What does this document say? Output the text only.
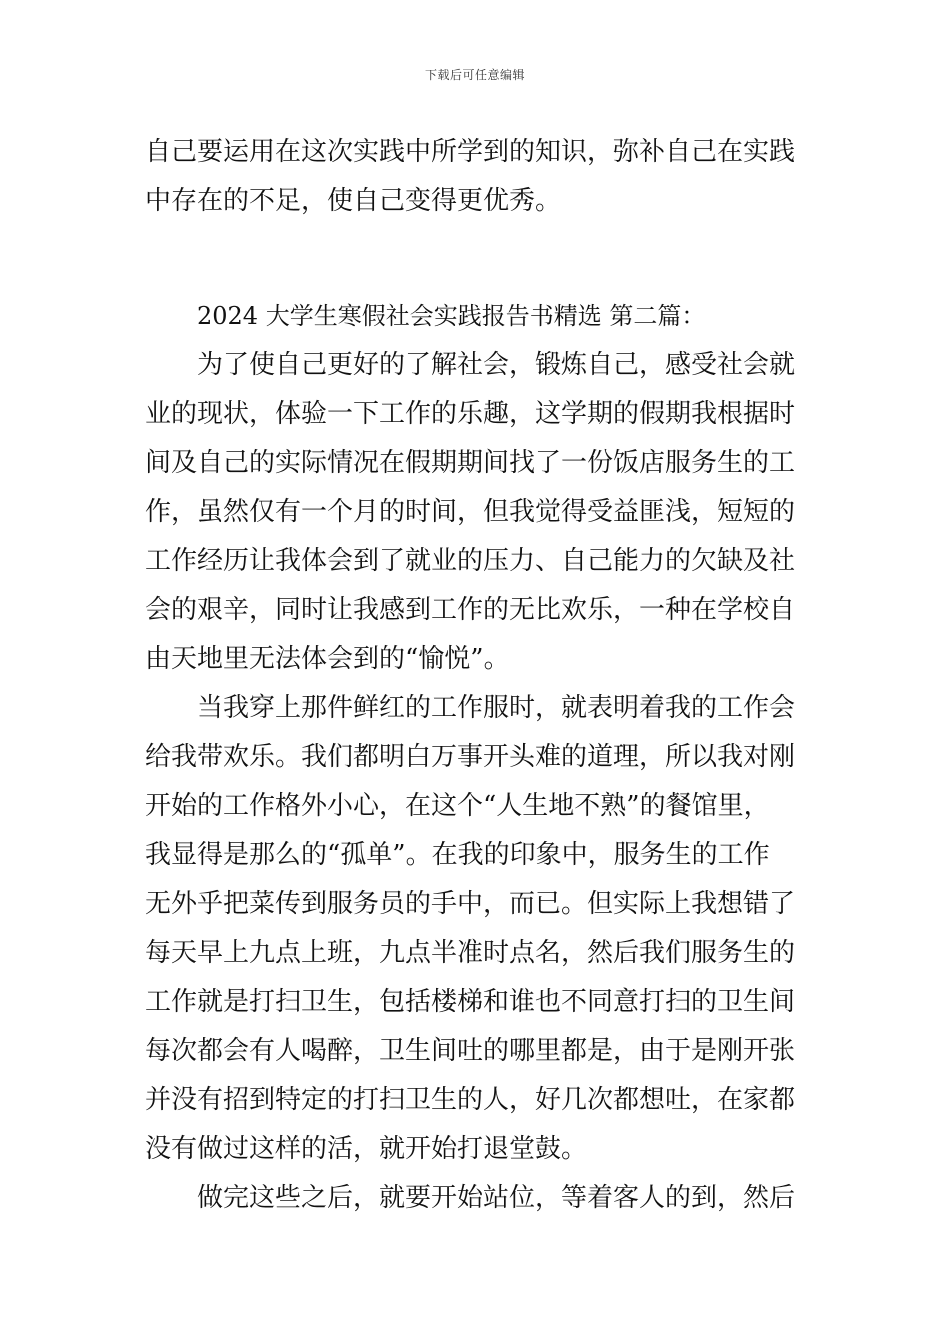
下载后可任意编辑
自己要运用在这次实践中所学到的知识，弥补自己在实践
中存在的不足，使自己变得更优秀。
2024 大学生寒假社会实践报告书精选 第二篇：
　　为了使自己更好的了解社会，锻炼自己，感受社会就
业的现状，体验一下工作的乐趣，这学期的假期我根据时
间及自己的实际情况在假期期间找了一份饭店服务生的工
作，虽然仅有一个月的时间，但我觉得受益匪浅，短短的
工作经历让我体会到了就业的压力、自己能力的欠缺及社
会的艰辛，同时让我感到工作的无比欢乐，一种在学校自
由天地里无法体会到的“愉悦”。
　　当我穿上那件鲜红的工作服时，就表明着我的工作会
给我带欢乐。我们都明白万事开头难的道理，所以我对刚
开始的工作格外小心，在这个“人生地不熟”的餐馆里，
我显得是那么的“孤单”。在我的印象中，服务生的工作
无外乎把菜传到服务员的手中，而已。但实际上我想错了
每天早上九点上班，九点半准时点名，然后我们服务生的
工作就是打扫卫生，包括楼梯和谁也不同意打扫的卫生间
每次都会有人喝醉，卫生间吐的哪里都是，由于是刚开张
并没有招到特定的打扫卫生的人，好几次都想吐，在家都
没有做过这样的活，就开始打退堂鼓。
　　做完这些之后，就要开始站位，等着客人的到，然后
